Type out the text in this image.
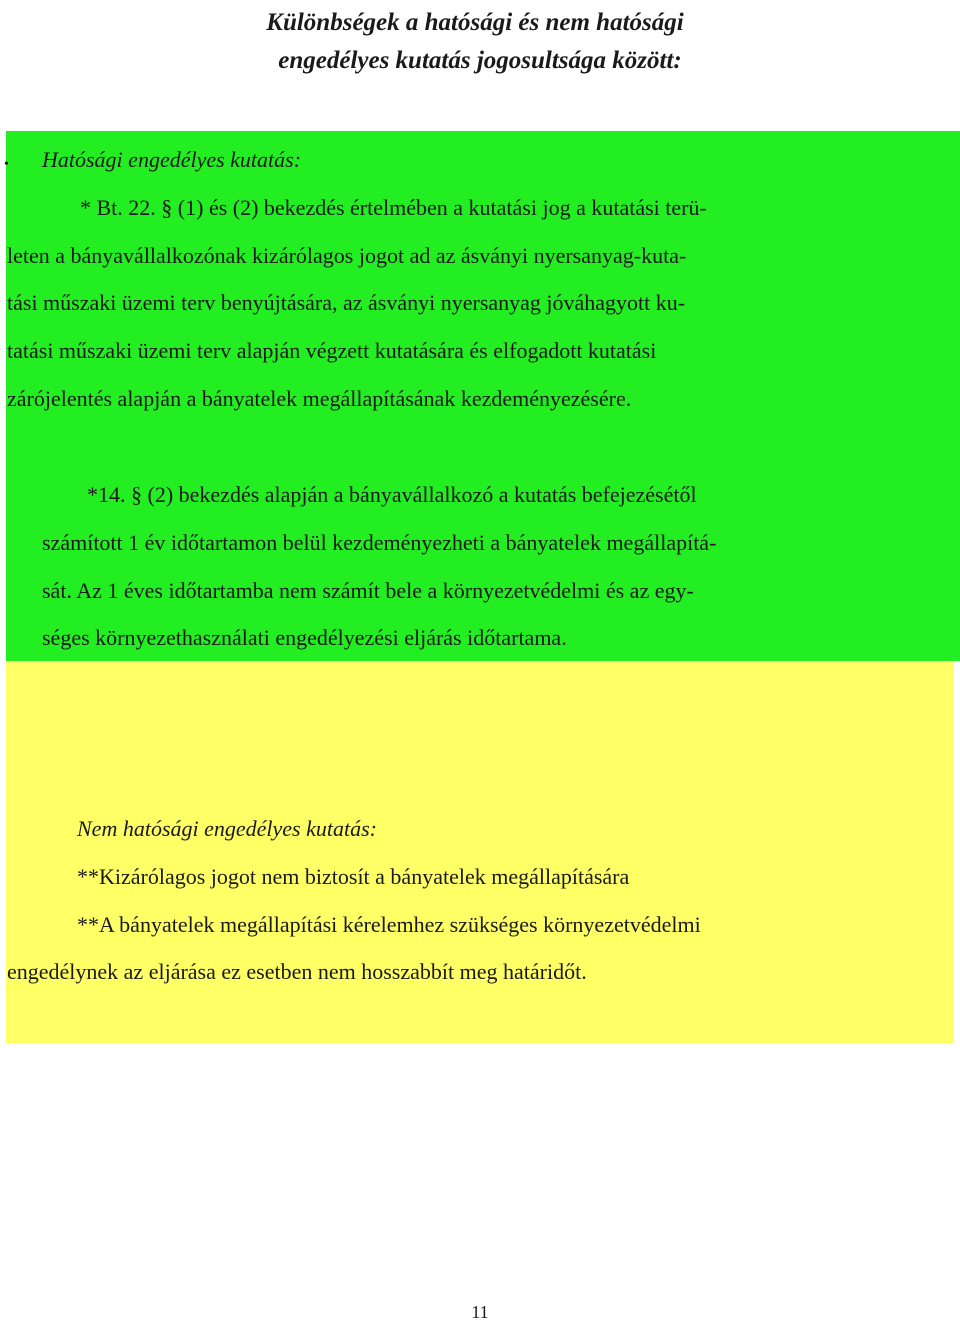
Különbségek a hatósági és nem hatósági
engedélyes kutatás jogosultsága között:
• Hatósági engedélyes kutatás:

* Bt. 22. § (1) és (2) bekezdés értelmében a kutatási jog a kutatási terü-

leten a bányavállalkozónak kizárólagos jogot ad az ásványi nyersanyag-kuta-

tási műszaki üzemi terv benyújtására, az ásványi nyersanyag jóváhagyott ku-

tatási műszaki üzemi terv alapján végzett kutatására és elfogadott kutatási

zárójelentés alapján a bányatelek megállapításának kezdeményezésére.

*14. § (2) bekezdés alapján a bányavállalkozó a kutatás befejezésétől

számított 1 év időtartamon belül kezdeményezheti a bányatelek megállapítá-

sát. Az 1 éves időtartamba nem számít bele a környezetvédelmi és az egy-

séges környezethasználati engedélyezési eljárás időtartama.

Nem hatósági engedélyes kutatás:

**Kizárólagos jogot nem biztosít a bányatelek megállapítására

**A bányatelek megállapítási kérelemhez szükséges környezetvédelmi

engedélynek az eljárása ez esetben nem hosszabbít meg határidőt.

11
